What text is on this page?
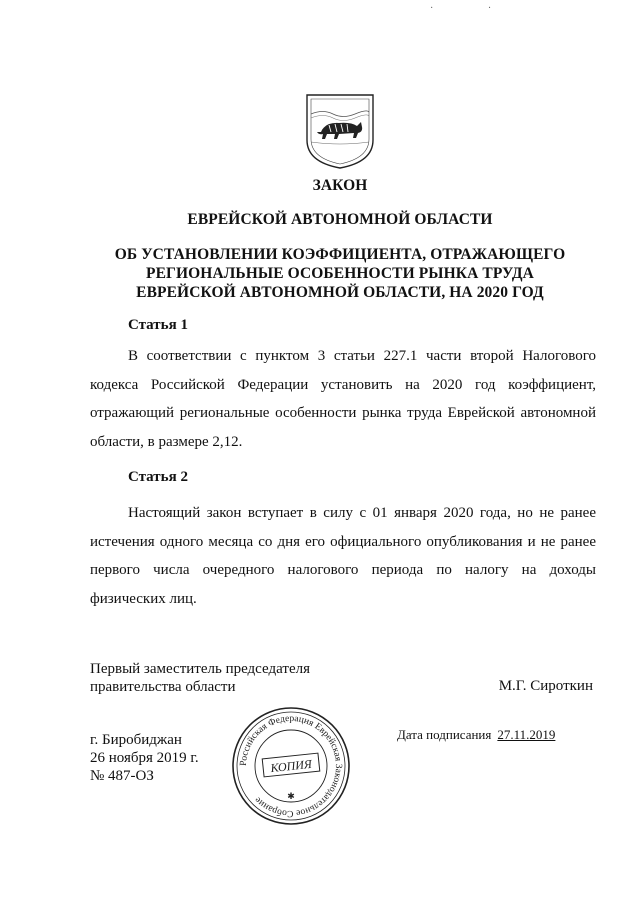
· ·
ЗАКОН
ЕВРЕЙСКОЙ АВТОНОМНОЙ ОБЛАСТИ
ОБ УСТАНОВЛЕНИИ КОЭФФИЦИЕНТА, ОТРАЖАЮЩЕГО
РЕГИОНАЛЬНЫЕ ОСОБЕННОСТИ РЫНКА ТРУДА
ЕВРЕЙСКОЙ АВТОНОМНОЙ ОБЛАСТИ, НА 2020 ГОД
Статья 1
В соответствии с пунктом 3 статьи 227.1 части второй Налогового кодекса Российской Федерации установить на 2020 год коэффициент, отражающий региональные особенности рынка труда Еврейской автономной области, в размере 2,12.
Статья 2
Настоящий закон вступает в силу с 01 января 2020 года, но не ранее истечения одного месяца со дня его официального опубликования и не ранее первого числа очередного налогового периода по налогу на доходы физических лиц.
Первый заместитель председателя
правительства области	М.Г. Сироткин
г. Биробиджан
26 ноября 2019 г.
№ 487-ОЗ
Дата подписания 27.11.2019
Российская Федерация Еврейская Законодательное Собрание
КОПИЯ
✱
